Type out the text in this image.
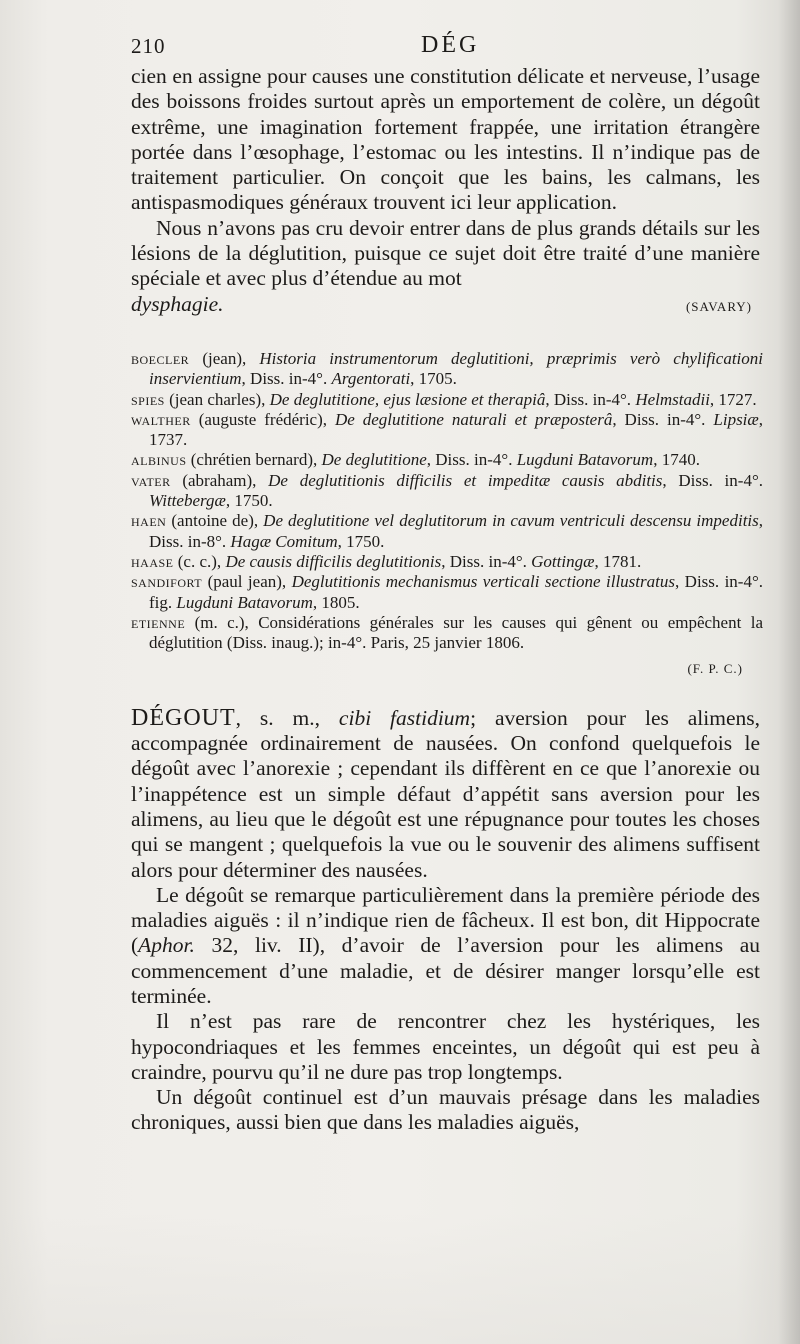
210	DÉG

cien en assigne pour causes une constitution délicate et nerveuse, l’usage des boissons froides surtout après un emportement de colère, un dégoût extrême, une imagination fortement frappée, une irritation étrangère portée dans l’œsophage, l’estomac ou les intestins. Il n’indique pas de traitement particulier. On conçoit que les bains, les calmans, les antispasmodiques généraux trouvent ici leur application.

Nous n’avons pas cru devoir entrer dans de plus grands détails sur les lésions de la déglutition, puisque ce sujet doit être traité d’une manière spéciale et avec plus d’étendue au mot

dysphagie.	(SAVARY)

boecler (jean), Historia instrumentorum deglutitioni, præprimis verò chylificationi inservientium, Diss. in-4°. Argentorati, 1705.

spies (jean charles), De deglutitione, ejus læsione et therapiâ, Diss. in-4°. Helmstadii, 1727.

walther (auguste frédéric), De deglutitione naturali et præposterâ, Diss. in-4°. Lipsiæ, 1737.

albinus (chrétien bernard), De deglutitione, Diss. in-4°. Lugduni Batavorum, 1740.

vater (abraham), De deglutitionis difficilis et impeditæ causis abditis, Diss. in-4°. Wittebergæ, 1750.

haen (antoine de), De deglutitione vel deglutitorum in cavum ventriculi descensu impeditis, Diss. in-8°. Hagæ Comitum, 1750.

haase (c. c.), De causis difficilis deglutitionis, Diss. in-4°. Gottingæ, 1781.

sandifort (paul jean), Deglutitionis mechanismus verticali sectione illustratus, Diss. in-4°. fig. Lugduni Batavorum, 1805.

etienne (m. c.), Considérations générales sur les causes qui gênent ou empêchent la déglutition (Diss. inaug.); in-4°. Paris, 25 janvier 1806.

(F. P. C.)

DÉGOUT, s. m., cibi fastidium; aversion pour les alimens, accompagnée ordinairement de nausées. On confond quelquefois le dégoût avec l’anorexie ; cependant ils diffèrent en ce que l’anorexie ou l’inappétence est un simple défaut d’appétit sans aversion pour les alimens, au lieu que le dégoût est une répugnance pour toutes les choses qui se mangent ; quelquefois la vue ou le souvenir des alimens suffisent alors pour déterminer des nausées.

Le dégoût se remarque particulièrement dans la première période des maladies aiguës : il n’indique rien de fâcheux. Il est bon, dit Hippocrate (Aphor. 32, liv. II), d’avoir de l’aversion pour les alimens au commencement d’une maladie, et de désirer manger lorsqu’elle est terminée.

Il n’est pas rare de rencontrer chez les hystériques, les hypocondriaques et les femmes enceintes, un dégoût qui est peu à craindre, pourvu qu’il ne dure pas trop longtemps.

Un dégoût continuel est d’un mauvais présage dans les maladies chroniques, aussi bien que dans les maladies aiguës,
